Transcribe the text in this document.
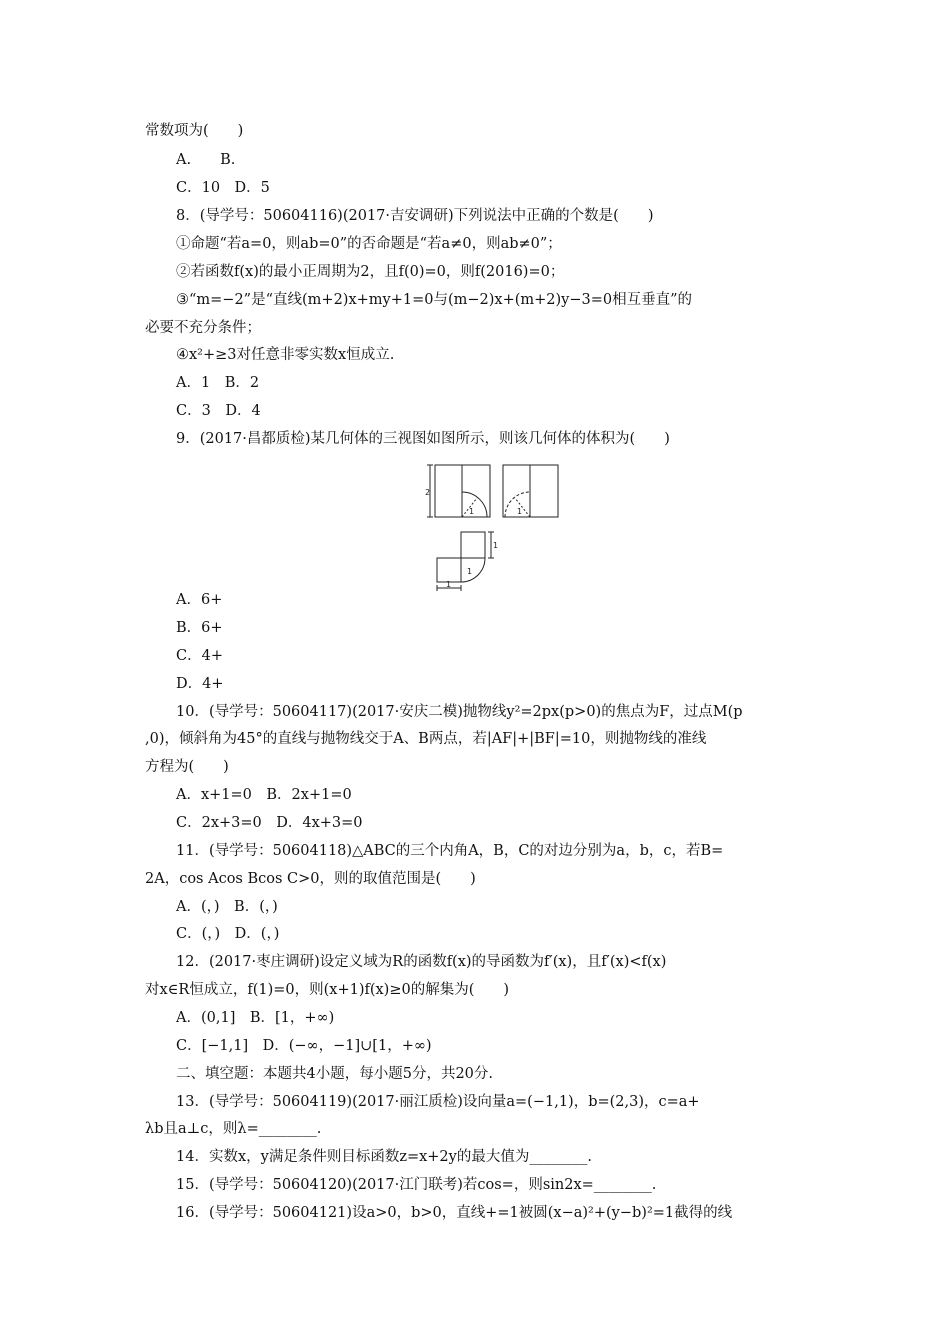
常数项为(　　)
A.　　B.
C．10　D．5
8．(导学号：50604116)(2017·吉安调研)下列说法中正确的个数是(　　)
①命题“若a=0，则ab=0”的否命题是“若a≠0，则ab≠0”；
②若函数f(x)的最小正周期为2，且f(0)=0，则f(2016)=0；
③“m=−2”是“直线(m+2)x+my+1=0与(m−2)x+(m+2)y−3=0相互垂直”的
必要不充分条件；
④x²+≥3对任意非零实数x恒成立.
A．1　B．2
C．3　D．4
9．(2017·昌都质检)某几何体的三视图如图所示，则该几何体的体积为(　　)
2
1	1
1
1
1
A．6+
B．6+
C．4+
D．4+
10．(导学号：50604117)(2017·安庆二模)抛物线y²=2px(p>0)的焦点为F，过点M(p
,0)，倾斜角为45°的直线与抛物线交于A、B两点，若|AF|+|BF|=10，则抛物线的准线
方程为(　　)
A．x+1=0　B．2x+1=0
C．2x+3=0　D．4x+3=0
11．(导学号：50604118)△ABC的三个内角A，B，C的对边分别为a，b，c，若B=
2A，cos Acos Bcos C>0，则的取值范围是(　　)
A．(，)　B．(，)
C．(，)　D．(，)
12．(2017·枣庄调研)设定义域为R的函数f(x)的导函数为f′(x)，且f′(x)<f(x)
对x∈R恒成立，f(1)=0，则(x+1)f(x)≥0的解集为(　　)
A．(0,1]　B．[1，+∞)
C．[−1,1]　D．(−∞，−1]∪[1，+∞)
二、填空题：本题共4小题，每小题5分，共20分.
13．(导学号：50604119)(2017·丽江质检)设向量a=(−1,1)，b=(2,3)，c=a+
λb且a⊥c，则λ=________.
14．实数x，y满足条件则目标函数z=x+2y的最大值为________.
15．(导学号：50604120)(2017·江门联考)若cos=，则sin2x=________.
16．(导学号：50604121)设a>0，b>0，直线+=1被圆(x−a)²+(y−b)²=1截得的线
